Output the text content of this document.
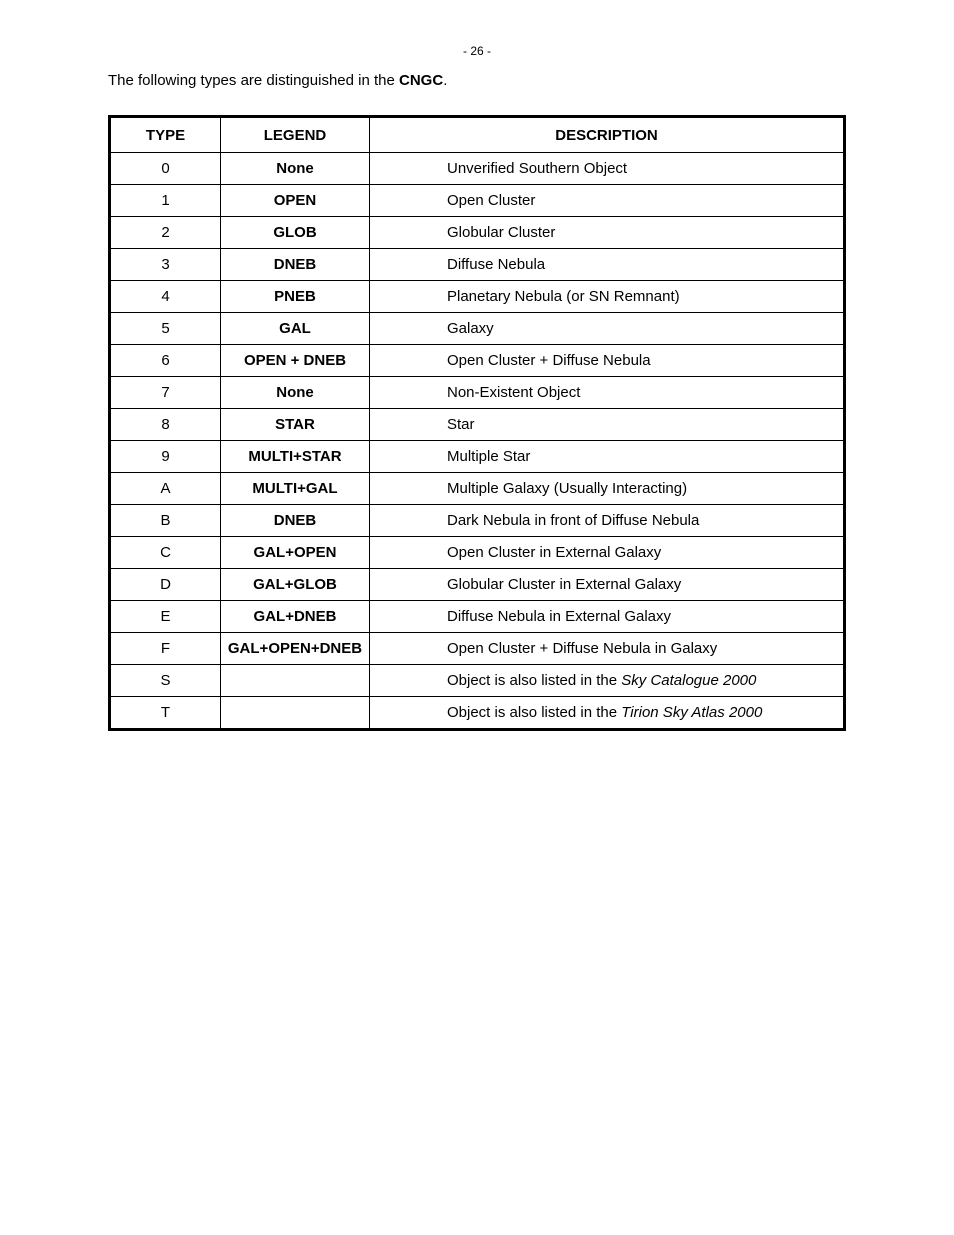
- 26 -
The following types are distinguished in the CNGC.
TYPE	LEGEND	DESCRIPTION
0	None	Unverified Southern Object
1	OPEN	Open Cluster
2	GLOB	Globular Cluster
3	DNEB	Diffuse Nebula
4	PNEB	Planetary Nebula (or SN Remnant)
5	GAL	Galaxy
6	OPEN + DNEB	Open Cluster + Diffuse Nebula
7	None	Non-Existent Object
8	STAR	Star
9	MULTI+STAR	Multiple Star
A	MULTI+GAL	Multiple Galaxy (Usually Interacting)
B	DNEB	Dark Nebula in front of Diffuse Nebula
C	GAL+OPEN	Open Cluster in External Galaxy
D	GAL+GLOB	Globular Cluster in External Galaxy
E	GAL+DNEB	Diffuse Nebula in External Galaxy
F	GAL+OPEN+DNEB	Open Cluster + Diffuse Nebula in Galaxy
S		Object is also listed in the Sky Catalogue 2000
T		Object is also listed in the Tirion Sky Atlas 2000
